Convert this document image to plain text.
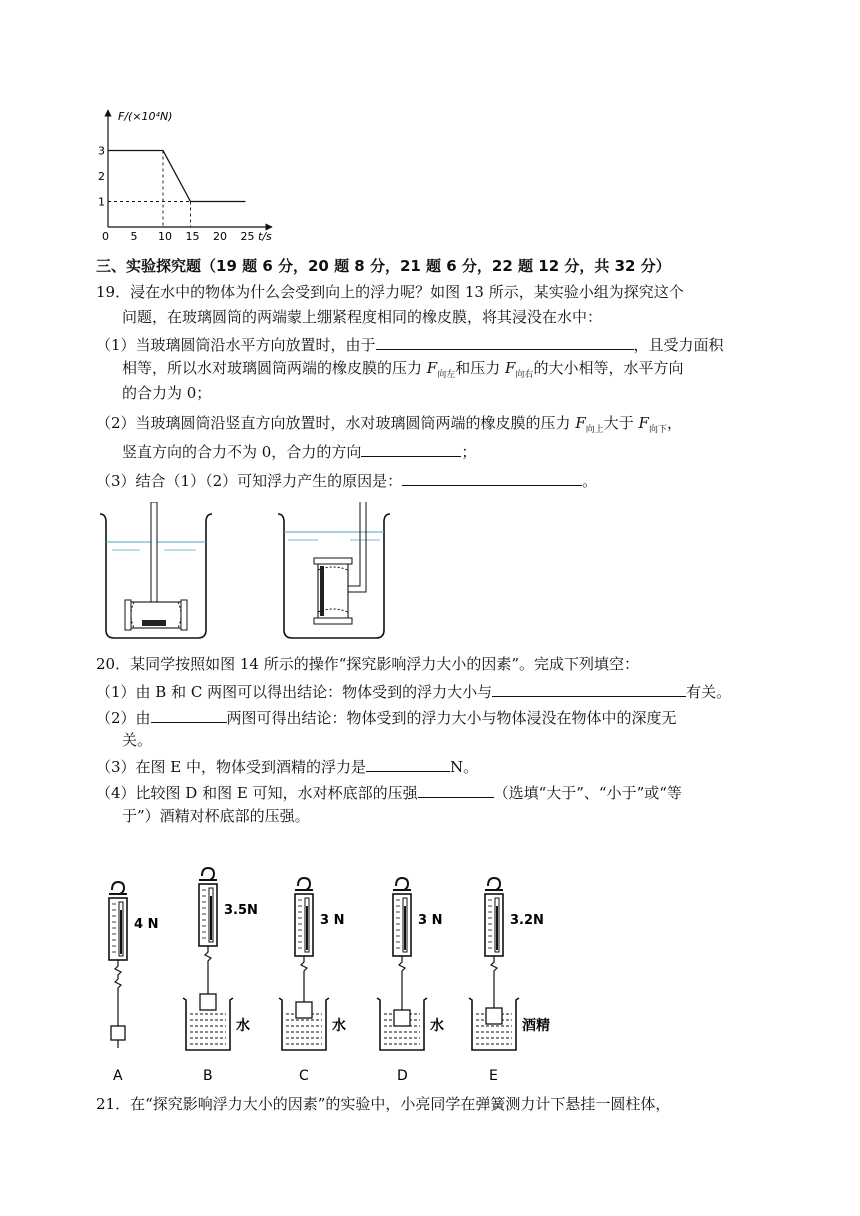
1
2
3
0 5 10 15 20 25
F/(×10⁴N)
t/s
三、实验探究题（19 题 6 分，20 题 8 分，21 题 6 分，22 题 12 分，共 32 分）
19．浸在水中的物体为什么会受到向上的浮力呢？如图 13 所示，某实验小组为探究这个
问题，在玻璃圆筒的两端蒙上绷紧程度相同的橡皮膜，将其浸没在水中：
（1）当玻璃圆筒沿水平方向放置时，由于	，且受力面积
相等，所以水对玻璃圆筒两端的橡皮膜的压力 $F_{向左}$和压力 $F_{向右}$的大小相等，水平方向
的合力为 0；
（2）当玻璃圆筒沿竖直方向放置时，水对玻璃圆筒两端的橡皮膜的压力 $F_{向上}$大于 $F_{向下}$，
竖直方向的合力不为 0，合力的方向	；
（3）结合（1）（2）可知浮力产生的原因是：	。
20．某同学按照如图 14 所示的操作“探究影响浮力大小的因素”。完成下列填空：
（1）由 B 和 C 两图可以得出结论：物体受到的浮力大小与	有关。
（2）由	两图可得出结论：物体受到的浮力大小与物体浸没在物体中的深度无
关。
（3）在图 E 中，物体受到酒精的浮力是	N。
（4）比较图 D 和图 E 可知，水对杯底部的压强	（选填“大于”、“小于”或“等
于”）酒精对杯底部的压强。
4 N
A
3.5N
水
B
3 N
水
C
3 N
水
D
3.2N
酒精
E
21．在“探究影响浮力大小的因素”的实验中，小亮同学在弹簧测力计下悬挂一圆柱体，
